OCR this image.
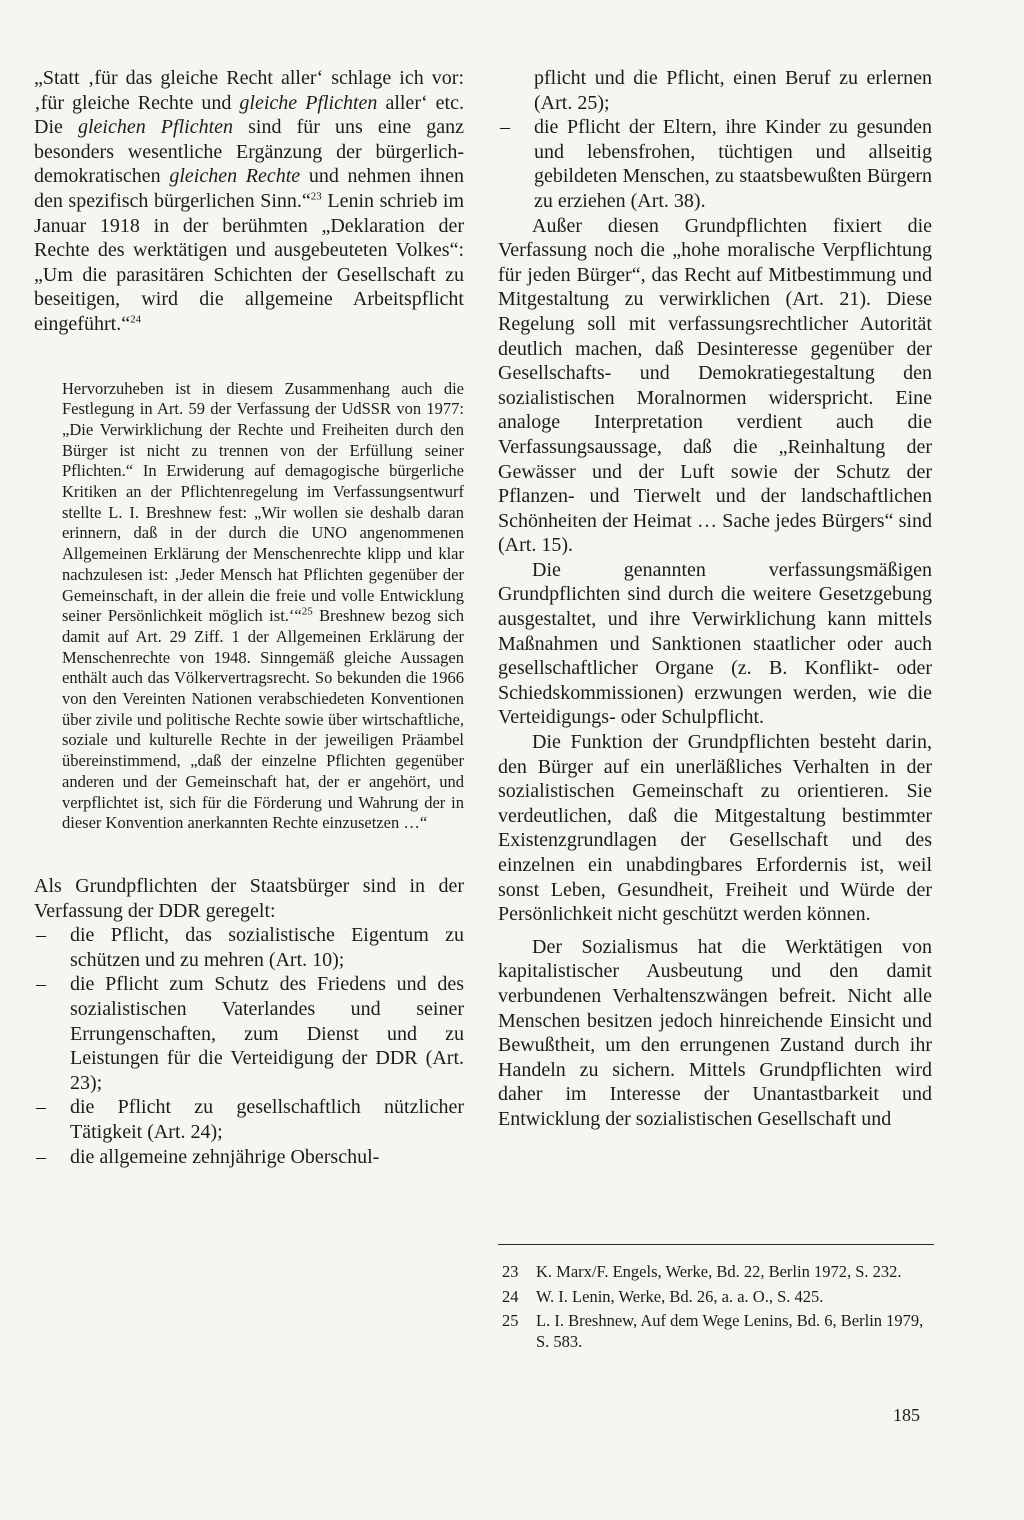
„Statt ‚für das gleiche Recht aller‘ schlage ich vor: ‚für gleiche Rechte und gleiche Pflichten aller‘ etc. Die gleichen Pflichten sind für uns eine ganz besonders wesentliche Ergänzung der bürgerlich-demokratischen gleichen Rechte und nehmen ihnen den spezifisch bürgerlichen Sinn.“$^{23}$ Lenin schrieb im Januar 1918 in der berühmten „Deklaration der Rechte des werktätigen und ausgebeuteten Volkes“: „Um die parasitären Schichten der Gesellschaft zu beseitigen, wird die allgemeine Arbeitspflicht eingeführt.“$^{24}$

Hervorzuheben ist in diesem Zusammenhang auch die Festlegung in Art. 59 der Verfassung der UdSSR von 1977: „Die Verwirklichung der Rechte und Freiheiten durch den Bürger ist nicht zu trennen von der Erfüllung seiner Pflichten.“ In Erwiderung auf demagogische bürgerliche Kritiken an der Pflichtenregelung im Verfassungsentwurf stellte L. I. Breshnew fest: „Wir wollen sie deshalb daran erinnern, daß in der durch die UNO angenommenen Allgemeinen Erklärung der Menschenrechte klipp und klar nachzulesen ist: ‚Jeder Mensch hat Pflichten gegenüber der Gemeinschaft, in der allein die freie und volle Entwicklung seiner Persönlichkeit möglich ist.‘“$^{25}$ Breshnew bezog sich damit auf Art. 29 Ziff. 1 der Allgemeinen Erklärung der Menschenrechte von 1948. Sinngemäß gleiche Aussagen enthält auch das Völkervertragsrecht. So bekunden die 1966 von den Vereinten Nationen verabschiedeten Konventionen über zivile und politische Rechte sowie über wirtschaftliche, soziale und kulturelle Rechte in der jeweiligen Präambel übereinstimmend, „daß der einzelne Pflichten gegenüber anderen und der Gemeinschaft hat, der er angehört, und verpflichtet ist, sich für die Förderung und Wahrung der in dieser Konvention anerkannten Rechte einzusetzen …“

Als Grundpflichten der Staatsbürger sind in der Verfassung der DDR geregelt:

– die Pflicht, das sozialistische Eigentum zu schützen und zu mehren (Art. 10);
– die Pflicht zum Schutz des Friedens und des sozialistischen Vaterlandes und seiner Errungenschaften, zum Dienst und zu Leistungen für die Verteidigung der DDR (Art. 23);
– die Pflicht zu gesellschaftlich nützlicher Tätigkeit (Art. 24);
– die allgemeine zehnjährige Oberschul-
pflicht und die Pflicht, einen Beruf zu erlernen (Art. 25);
– die Pflicht der Eltern, ihre Kinder zu gesunden und lebensfrohen, tüchtigen und allseitig gebildeten Menschen, zu staatsbewußten Bürgern zu erziehen (Art. 38).

Außer diesen Grundpflichten fixiert die Verfassung noch die „hohe moralische Verpflichtung für jeden Bürger“, das Recht auf Mitbestimmung und Mitgestaltung zu verwirklichen (Art. 21). Diese Regelung soll mit verfassungsrechtlicher Autorität deutlich machen, daß Desinteresse gegenüber der Gesellschafts- und Demokratiegestaltung den sozialistischen Moralnormen widerspricht. Eine analoge Interpretation verdient auch die Verfassungsaussage, daß die „Reinhaltung der Gewässer und der Luft sowie der Schutz der Pflanzen- und Tierwelt und der landschaftlichen Schönheiten der Heimat … Sache jedes Bürgers“ sind (Art. 15).

Die genannten verfassungsmäßigen Grundpflichten sind durch die weitere Gesetzgebung ausgestaltet, und ihre Verwirklichung kann mittels Maßnahmen und Sanktionen staatlicher oder auch gesellschaftlicher Organe (z. B. Konflikt- oder Schiedskommissionen) erzwungen werden, wie die Verteidigungs- oder Schulpflicht.

Die Funktion der Grundpflichten besteht darin, den Bürger auf ein unerläßliches Verhalten in der sozialistischen Gemeinschaft zu orientieren. Sie verdeutlichen, daß die Mitgestaltung bestimmter Existenzgrundlagen der Gesellschaft und des einzelnen ein unabdingbares Erfordernis ist, weil sonst Leben, Gesundheit, Freiheit und Würde der Persönlichkeit nicht geschützt werden können.

Der Sozialismus hat die Werktätigen von kapitalistischer Ausbeutung und den damit verbundenen Verhaltenszwängen befreit. Nicht alle Menschen besitzen jedoch hinreichende Einsicht und Bewußtheit, um den errungenen Zustand durch ihr Handeln zu sichern. Mittels Grundpflichten wird daher im Interesse der Unantastbarkeit und Entwicklung der sozialistischen Gesellschaft und

23 K. Marx/F. Engels, Werke, Bd. 22, Berlin 1972, S. 232.
24 W. I. Lenin, Werke, Bd. 26, a. a. O., S. 425.
25 L. I. Breshnew, Auf dem Wege Lenins, Bd. 6, Berlin 1979, S. 583.
185
